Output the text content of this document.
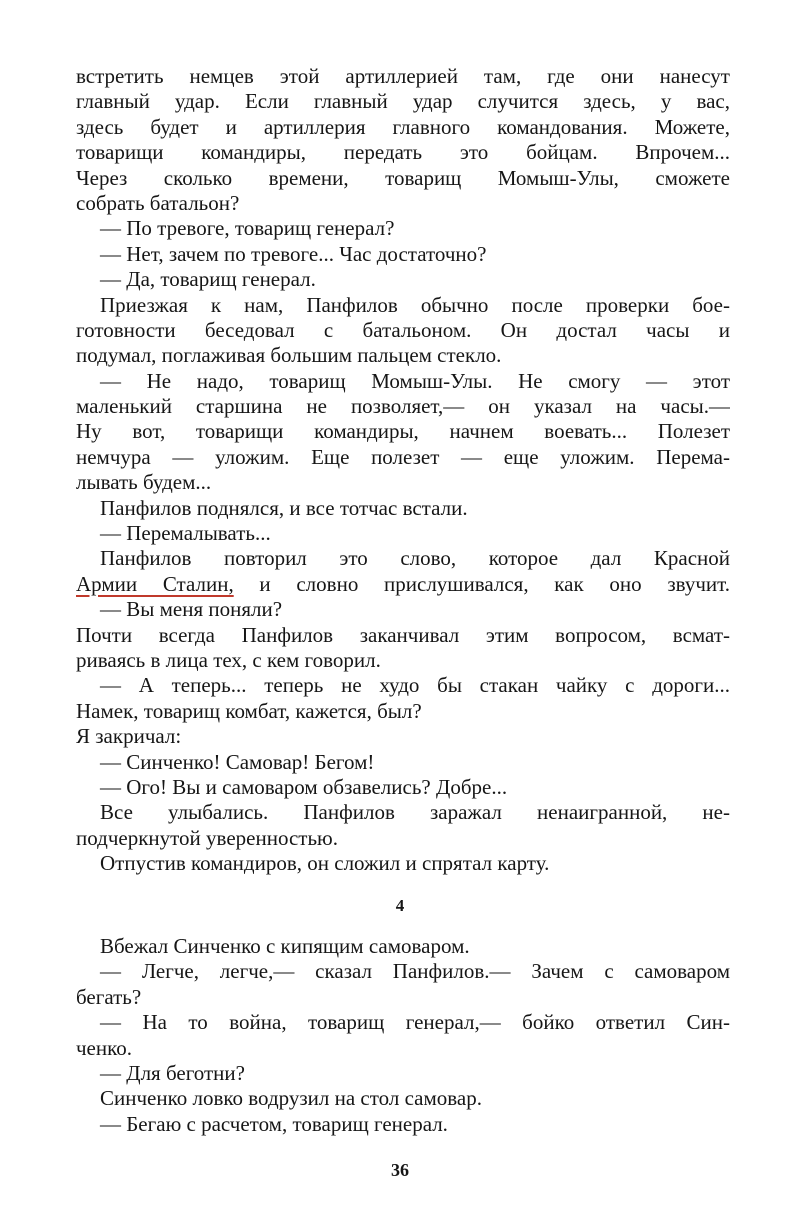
встретить немцев этой артиллерией там, где они нанесут
главный удар. Если главный удар случится здесь, у вас,
здесь будет и артиллерия главного командования. Можете,
товарищи командиры, передать это бойцам. Впрочем...
Через сколько времени, товарищ Момыш-Улы, сможете
собрать батальон?
— По тревоге, товарищ генерал?
— Нет, зачем по тревоге... Час достаточно?
— Да, товарищ генерал.
Приезжая к нам, Панфилов обычно после проверки бое-
готовности беседовал с батальоном. Он достал часы и
подумал, поглаживая большим пальцем стекло.
— Не надо, товарищ Момыш-Улы. Не смогу — этот
маленький старшина не позволяет,— он указал на часы.—
Ну вот, товарищи командиры, начнем воевать... Полезет
немчура — уложим. Еще полезет — еще уложим. Перема-
лывать будем...
Панфилов поднялся, и все тотчас встали.
— Перемалывать...
Панфилов повторил это слово, которое дал Красной
Армии Сталин, и словно прислушивался, как оно звучит.
— Вы меня поняли?
Почти всегда Панфилов заканчивал этим вопросом, всмат-
риваясь в лица тех, с кем говорил.
— А теперь... теперь не худо бы стакан чайку с дороги...
Намек, товарищ комбат, кажется, был?
Я закричал:
— Синченко! Самовар! Бегом!
— Ого! Вы и самоваром обзавелись? Добре...
Все улыбались. Панфилов заражал ненаигранной, не-
подчеркнутой уверенностью.
Отпустив командиров, он сложил и спрятал карту.
4
Вбежал Синченко с кипящим самоваром.
— Легче, легче,— сказал Панфилов.— Зачем с самоваром
бегать?
— На то война, товарищ генерал,— бойко ответил Син-
ченко.
— Для беготни?
Синченко ловко водрузил на стол самовар.
— Бегаю с расчетом, товарищ генерал.
36
